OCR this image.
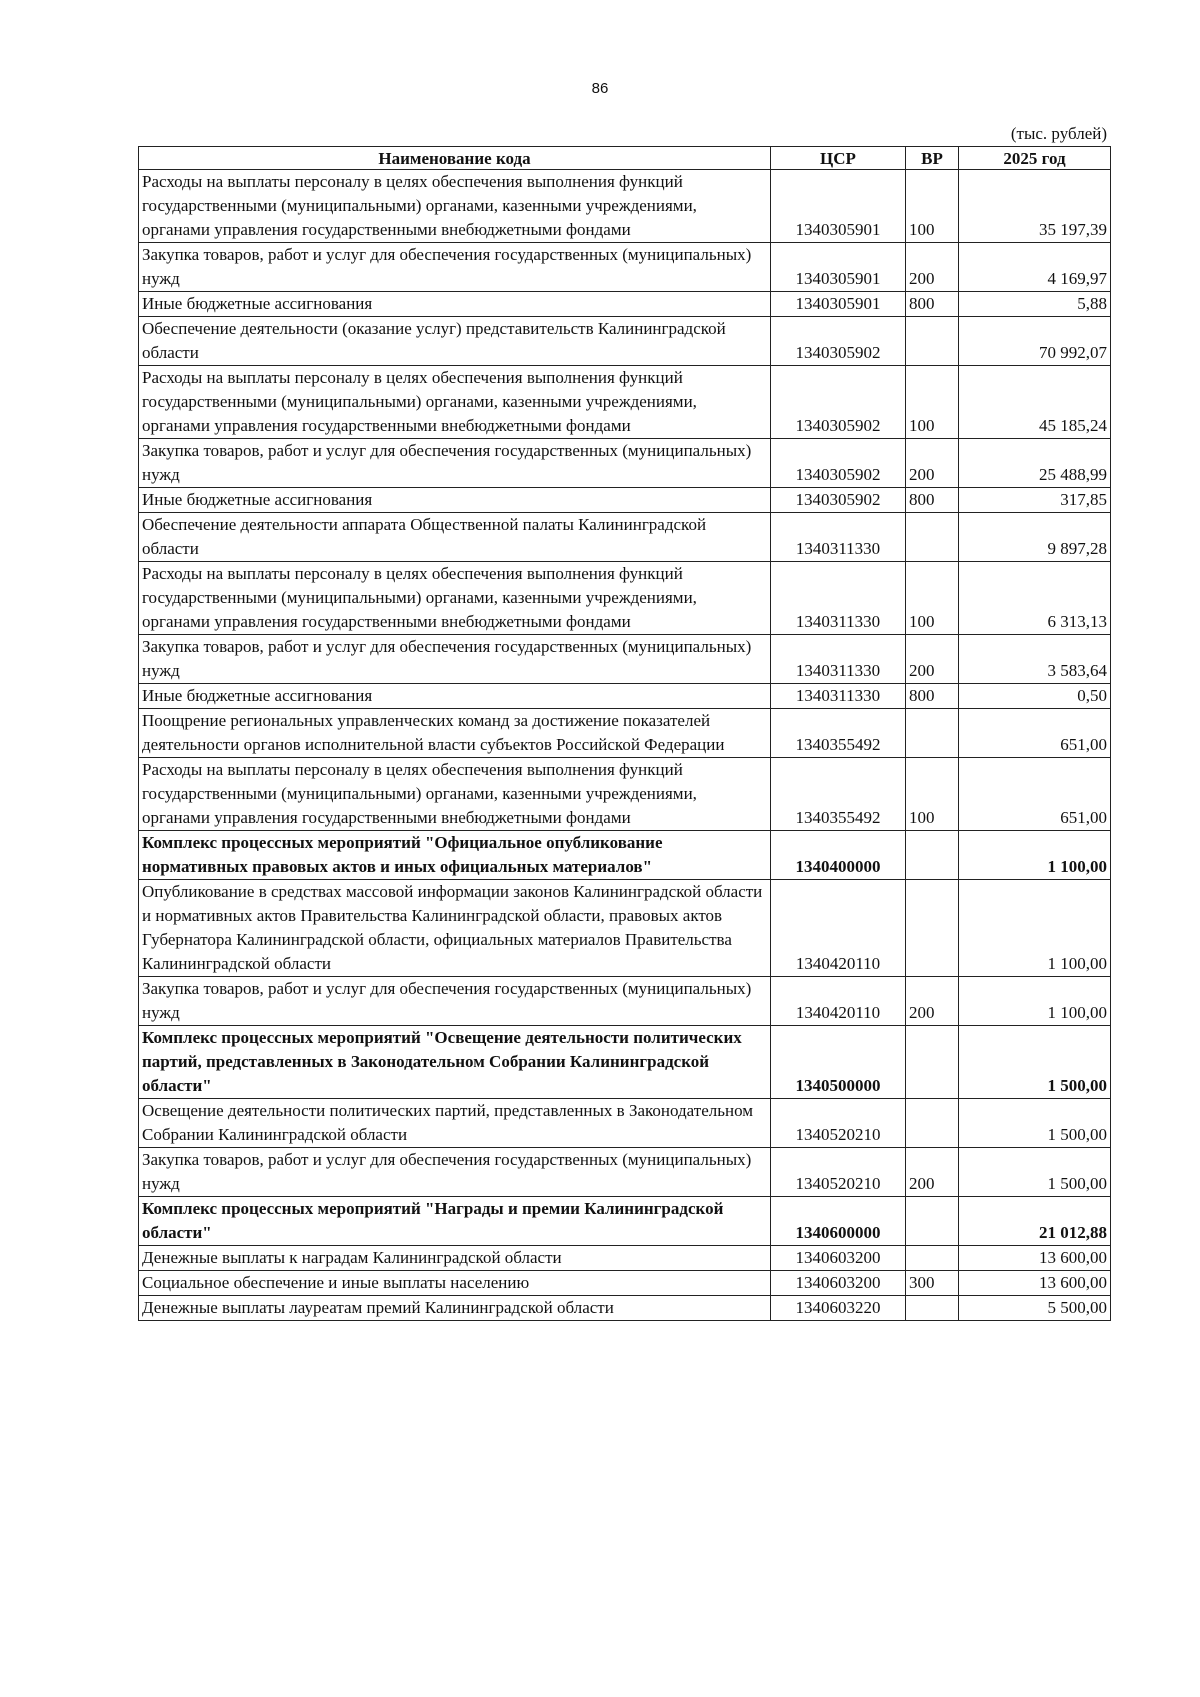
86
(тыс. рублей)
Наименование кода	ЦСР	ВР	2025 год
Расходы на выплаты персоналу в целях обеспечения выполнения функций государственными (муниципальными) органами, казенными учреждениями, органами управления государственными внебюджетными фондами	1340305901	100	35 197,39
Закупка товаров, работ и услуг для обеспечения государственных (муниципальных) нужд	1340305901	200	4 169,97
Иные бюджетные ассигнования	1340305901	800	5,88
Обеспечение деятельности (оказание услуг) представительств Калининградской области	1340305902		70 992,07
Расходы на выплаты персоналу в целях обеспечения выполнения функций государственными (муниципальными) органами, казенными учреждениями, органами управления государственными внебюджетными фондами	1340305902	100	45 185,24
Закупка товаров, работ и услуг для обеспечения государственных (муниципальных) нужд	1340305902	200	25 488,99
Иные бюджетные ассигнования	1340305902	800	317,85
Обеспечение деятельности аппарата Общественной палаты Калининградской области	1340311330		9 897,28
Расходы на выплаты персоналу в целях обеспечения выполнения функций государственными (муниципальными) органами, казенными учреждениями, органами управления государственными внебюджетными фондами	1340311330	100	6 313,13
Закупка товаров, работ и услуг для обеспечения государственных (муниципальных) нужд	1340311330	200	3 583,64
Иные бюджетные ассигнования	1340311330	800	0,50
Поощрение региональных управленческих команд за достижение показателей деятельности органов исполнительной власти субъектов Российской Федерации	1340355492		651,00
Расходы на выплаты персоналу в целях обеспечения выполнения функций государственными (муниципальными) органами, казенными учреждениями, органами управления государственными внебюджетными фондами	1340355492	100	651,00
Комплекс процессных мероприятий "Официальное опубликование нормативных правовых актов и иных официальных материалов"	1340400000		1 100,00
Опубликование в средствах массовой информации законов Калининградской области и нормативных актов Правительства Калининградской области, правовых актов Губернатора Калининградской области, официальных материалов Правительства Калининградской области	1340420110		1 100,00
Закупка товаров, работ и услуг для обеспечения государственных (муниципальных) нужд	1340420110	200	1 100,00
Комплекс процессных мероприятий "Освещение деятельности политических партий, представленных в Законодательном Собрании Калининградской области"	1340500000		1 500,00
Освещение деятельности политических партий, представленных в Законодательном Собрании Калининградской области	1340520210		1 500,00
Закупка товаров, работ и услуг для обеспечения государственных (муниципальных) нужд	1340520210	200	1 500,00
Комплекс процессных мероприятий "Награды и премии Калининградской области"	1340600000		21 012,88
Денежные выплаты к наградам Калининградской области	1340603200		13 600,00
Социальное обеспечение и иные выплаты населению	1340603200	300	13 600,00
Денежные выплаты лауреатам премий Калининградской области	1340603220		5 500,00
